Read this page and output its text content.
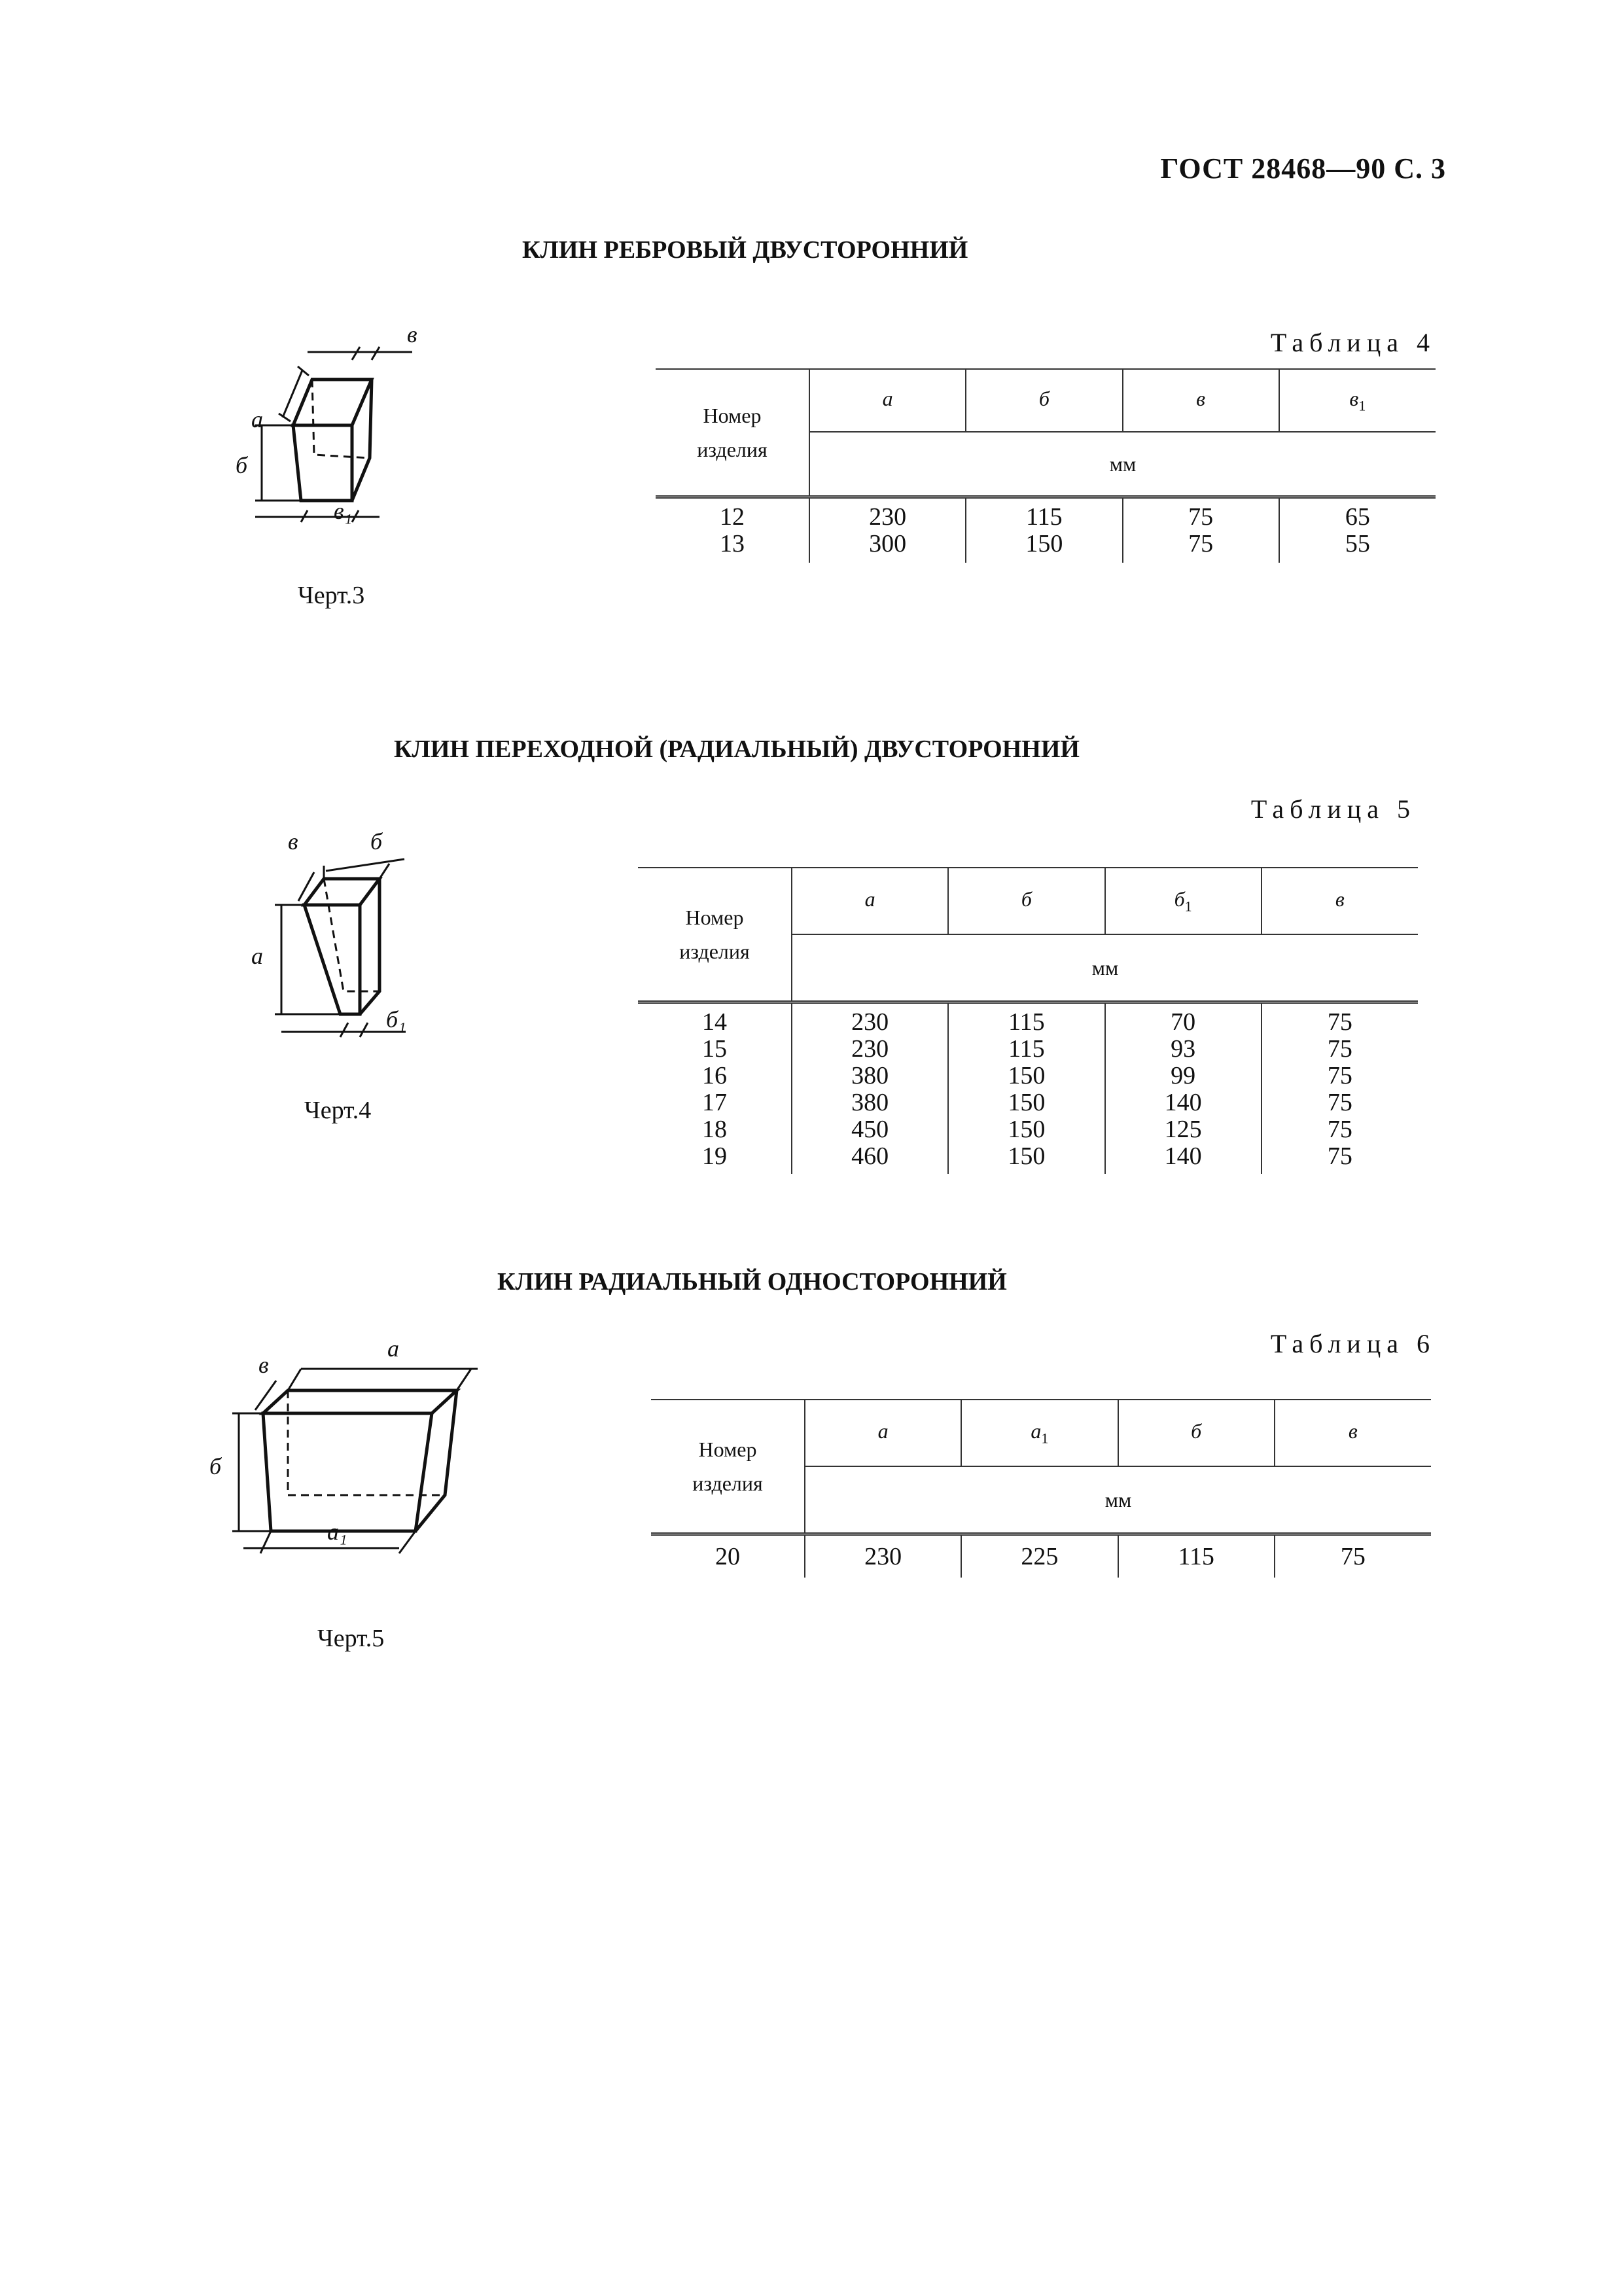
ГОСТ 28468—90 С. 3
КЛИН РЕБРОВЫЙ ДВУСТОРОННИЙ
Таблица 4
а
б
в
в₁
Черт.3
Номер
изделия	а	б	в	$в_1$
	мм			
12	230	115	75	65
13	300	150	75	55
КЛИН ПЕРЕХОДНОЙ (РАДИАЛЬНЫЙ) ДВУСТОРОННИЙ
Таблица 5
в	б
а
б₁
Черт.4
Номер
изделия	а	б	$б_1$	в
	мм			
14	230	115	70	75
15	230	115	93	75
16	380	150	99	75
17	380	150	140	75
18	450	150	125	75
19	460	150	140	75
КЛИН РАДИАЛЬНЫЙ ОДНОСТОРОННИЙ
Таблица 6
в
а
б
а₁
Черт.5
Номер
изделия	а	$а_1$	б	в
	мм			
20	230	225	115	75
